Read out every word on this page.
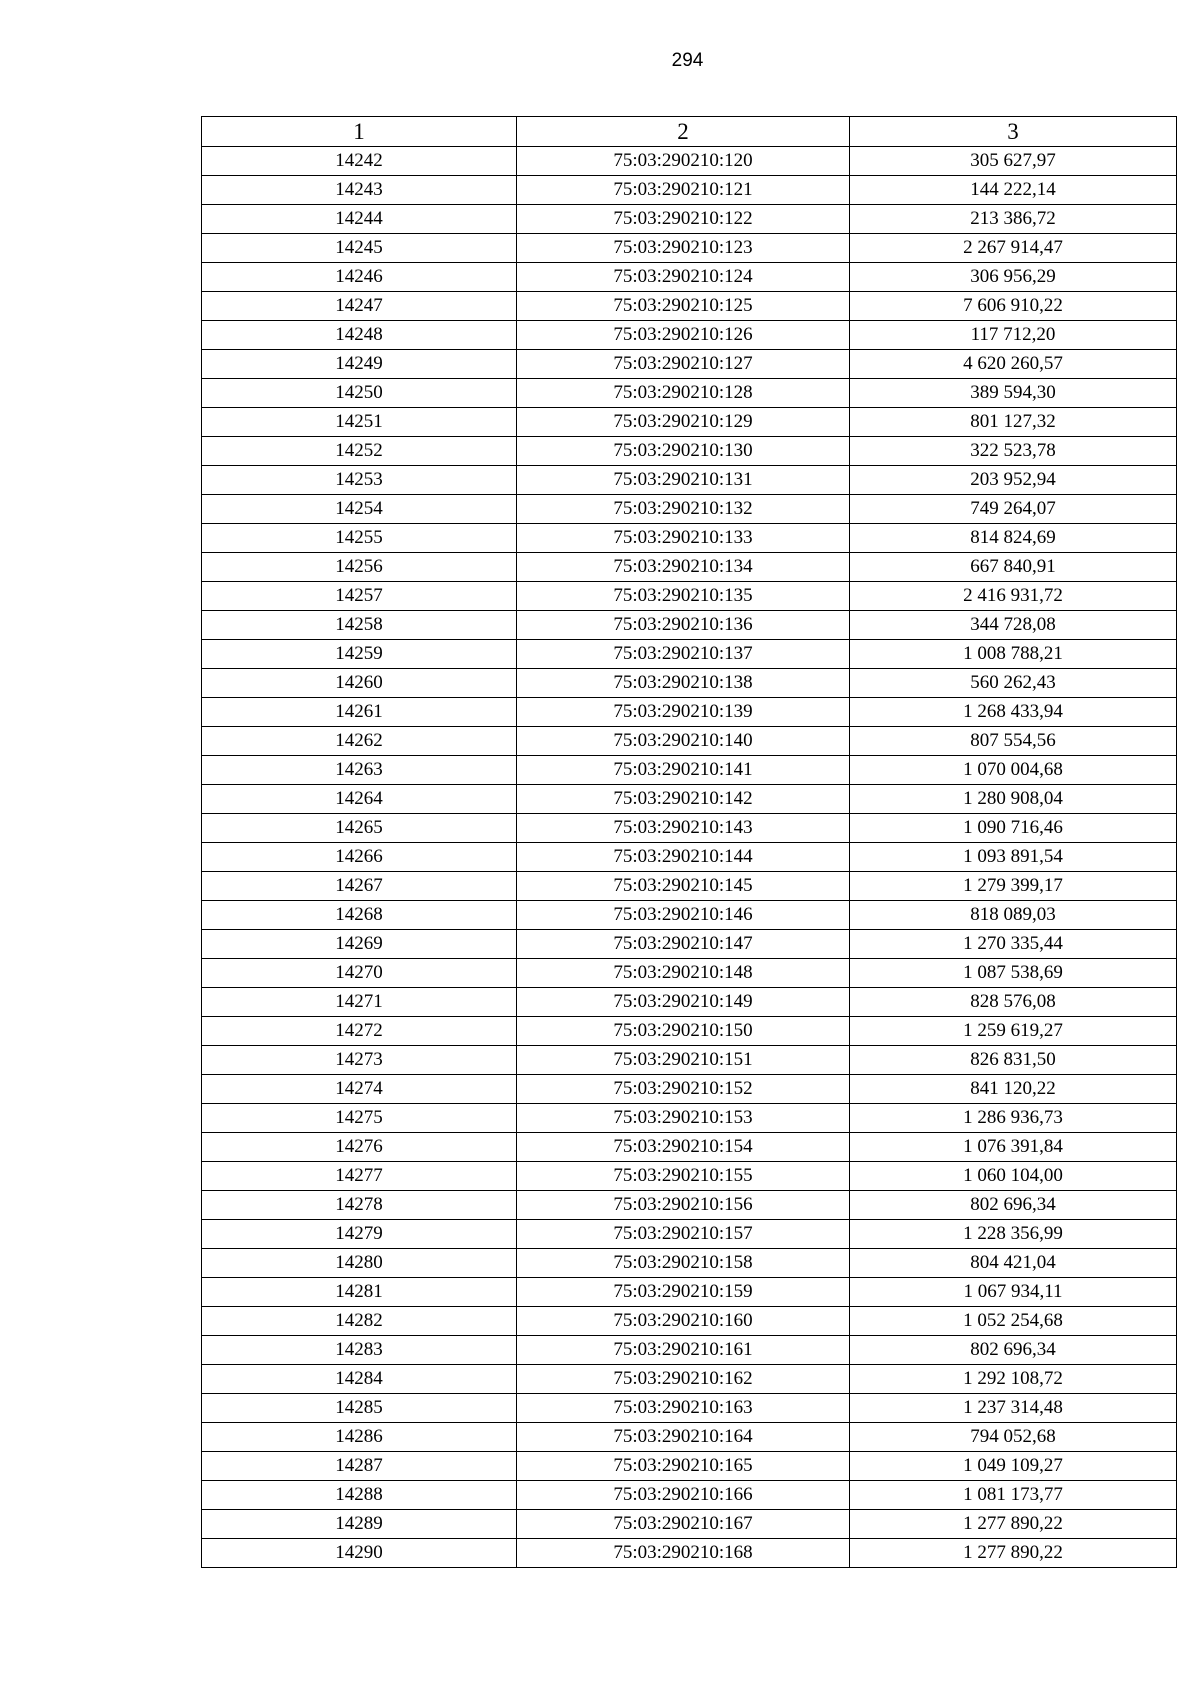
294
1	2	3
14242	75:03:290210:120	305 627,97
14243	75:03:290210:121	144 222,14
14244	75:03:290210:122	213 386,72
14245	75:03:290210:123	2 267 914,47
14246	75:03:290210:124	306 956,29
14247	75:03:290210:125	7 606 910,22
14248	75:03:290210:126	117 712,20
14249	75:03:290210:127	4 620 260,57
14250	75:03:290210:128	389 594,30
14251	75:03:290210:129	801 127,32
14252	75:03:290210:130	322 523,78
14253	75:03:290210:131	203 952,94
14254	75:03:290210:132	749 264,07
14255	75:03:290210:133	814 824,69
14256	75:03:290210:134	667 840,91
14257	75:03:290210:135	2 416 931,72
14258	75:03:290210:136	344 728,08
14259	75:03:290210:137	1 008 788,21
14260	75:03:290210:138	560 262,43
14261	75:03:290210:139	1 268 433,94
14262	75:03:290210:140	807 554,56
14263	75:03:290210:141	1 070 004,68
14264	75:03:290210:142	1 280 908,04
14265	75:03:290210:143	1 090 716,46
14266	75:03:290210:144	1 093 891,54
14267	75:03:290210:145	1 279 399,17
14268	75:03:290210:146	818 089,03
14269	75:03:290210:147	1 270 335,44
14270	75:03:290210:148	1 087 538,69
14271	75:03:290210:149	828 576,08
14272	75:03:290210:150	1 259 619,27
14273	75:03:290210:151	826 831,50
14274	75:03:290210:152	841 120,22
14275	75:03:290210:153	1 286 936,73
14276	75:03:290210:154	1 076 391,84
14277	75:03:290210:155	1 060 104,00
14278	75:03:290210:156	802 696,34
14279	75:03:290210:157	1 228 356,99
14280	75:03:290210:158	804 421,04
14281	75:03:290210:159	1 067 934,11
14282	75:03:290210:160	1 052 254,68
14283	75:03:290210:161	802 696,34
14284	75:03:290210:162	1 292 108,72
14285	75:03:290210:163	1 237 314,48
14286	75:03:290210:164	794 052,68
14287	75:03:290210:165	1 049 109,27
14288	75:03:290210:166	1 081 173,77
14289	75:03:290210:167	1 277 890,22
14290	75:03:290210:168	1 277 890,22
